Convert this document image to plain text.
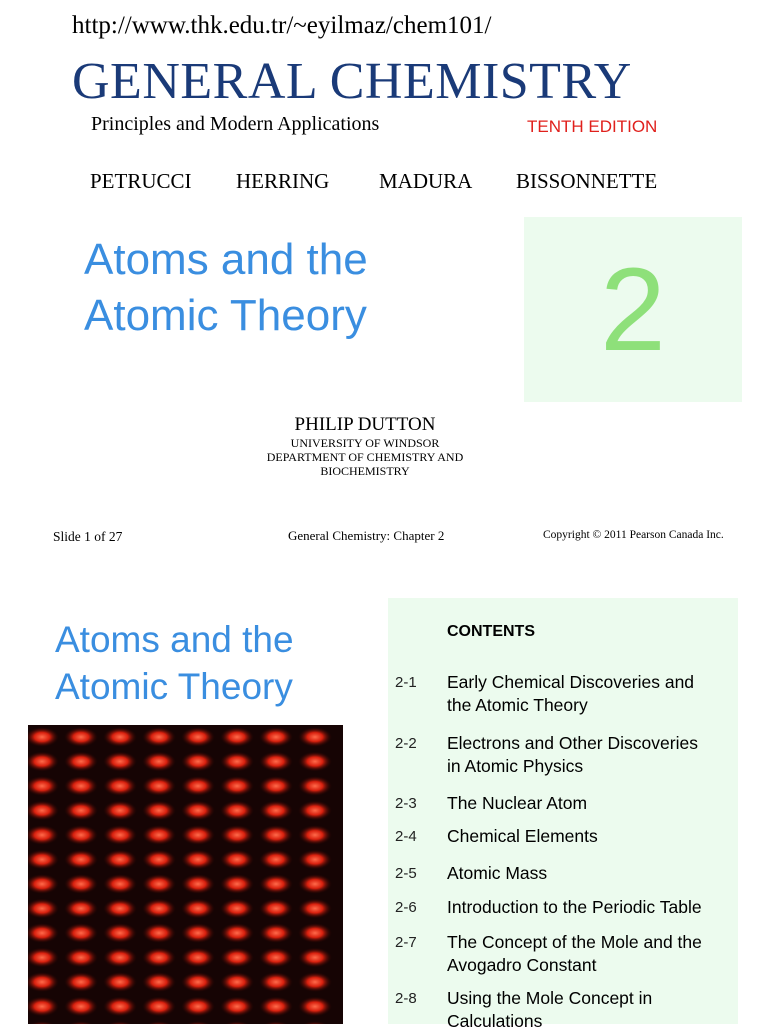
http://www.thk.edu.tr/~eyilmaz/chem101/
GENERAL CHEMISTRY
Principles and Modern Applications	TENTH EDITION
PETRUCCI HERRING MADURA BISSONNETTE
Atoms and the
Atomic Theory	2
PHILIP DUTTON
UNIVERSITY OF WINDSOR
DEPARTMENT OF CHEMISTRY AND
BIOCHEMISTRY
Slide 1 of 27	General Chemistry: Chapter 2	Copyright © 2011 Pearson Canada Inc.
Atoms and the
Atomic Theory
CONTENTS
2-1 Early Chemical Discoveries and
the Atomic Theory
2-2 Electrons and Other Discoveries
in Atomic Physics
2-3 The Nuclear Atom
2-4 Chemical Elements
2-5 Atomic Mass
2-6 Introduction to the Periodic Table
2-7 The Concept of the Mole and the
Avogadro Constant
2-8 Using the Mole Concept in
Calculations
